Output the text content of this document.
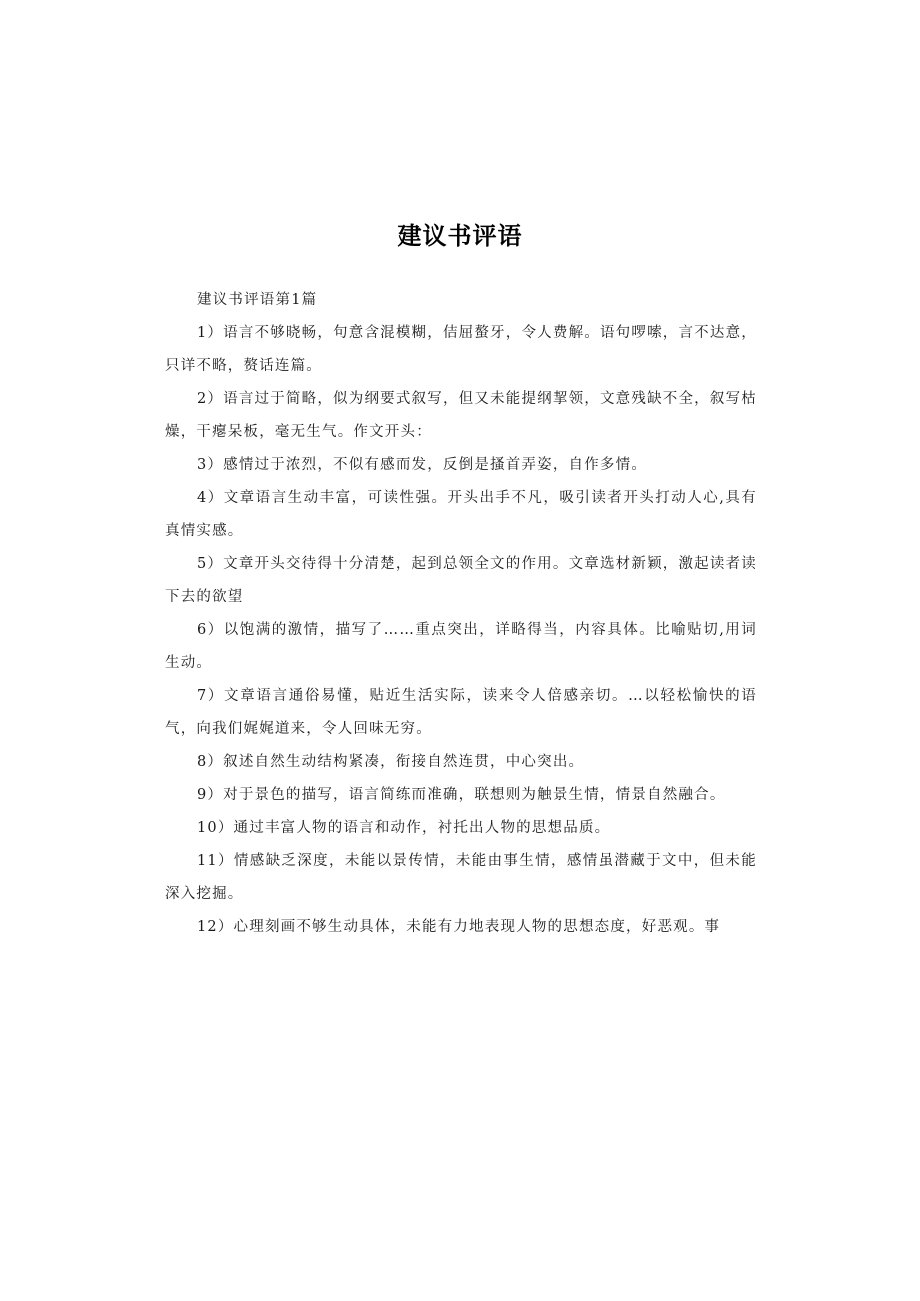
建议书评语

建议书评语第1篇

1）语言不够晓畅，句意含混模糊，佶屈螯牙，令人费解。语句啰嗦，言不达意，只详不略，赘话连篇。

2）语言过于简略，似为纲要式叙写，但又未能提纲挈领，文意残缺不全，叙写枯燥，干瘪呆板，毫无生气。作文开头：

3）感情过于浓烈，不似有感而发，反倒是搔首弄姿，自作多情。

4）文章语言生动丰富，可读性强。开头出手不凡，吸引读者开头打动人心,具有真情实感。

5）文章开头交待得十分清楚，起到总领全文的作用。文章选材新颖，激起读者读下去的欲望

6）以饱满的激情，描写了……重点突出，详略得当，内容具体。比喻贴切,用词生动。

7）文章语言通俗易懂，贴近生活实际，读来令人倍感亲切。…以轻松愉快的语气，向我们娓娓道来，令人回味无穷。

8）叙述自然生动结构紧凑，衔接自然连贯，中心突出。

9）对于景色的描写，语言简练而准确，联想则为触景生情，情景自然融合。

10）通过丰富人物的语言和动作，衬托出人物的思想品质。

11）情感缺乏深度，未能以景传情，未能由事生情，感情虽潜藏于文中，但未能深入挖掘。

12）心理刻画不够生动具体，未能有力地表现人物的思想态度，好恶观。事
